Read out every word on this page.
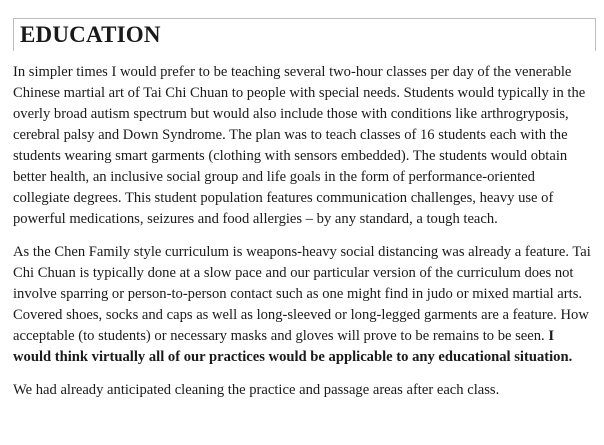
EDUCATION

In simpler times I would prefer to be teaching several two-hour classes per day of the venerable Chinese martial art of Tai Chi Chuan to people with special needs. Students would typically in the overly broad autism spectrum but would also include those with conditions like arthrogryposis, cerebral palsy and Down Syndrome. The plan was to teach classes of 16 students each with the students wearing smart garments (clothing with sensors embedded). The students would obtain better health, an inclusive social group and life goals in the form of performance-oriented collegiate degrees. This student population features communication challenges, heavy use of powerful medications, seizures and food allergies – by any standard, a tough teach.

As the Chen Family style curriculum is weapons-heavy social distancing was already a feature. Tai Chi Chuan is typically done at a slow pace and our particular version of the curriculum does not involve sparring or person-to-person contact such as one might find in judo or mixed martial arts. Covered shoes, socks and caps as well as long-sleeved or long-legged garments are a feature. How acceptable (to students) or necessary masks and gloves will prove to be remains to be seen. I would think virtually all of our practices would be applicable to any educational situation.

We had already anticipated cleaning the practice and passage areas after each class.
